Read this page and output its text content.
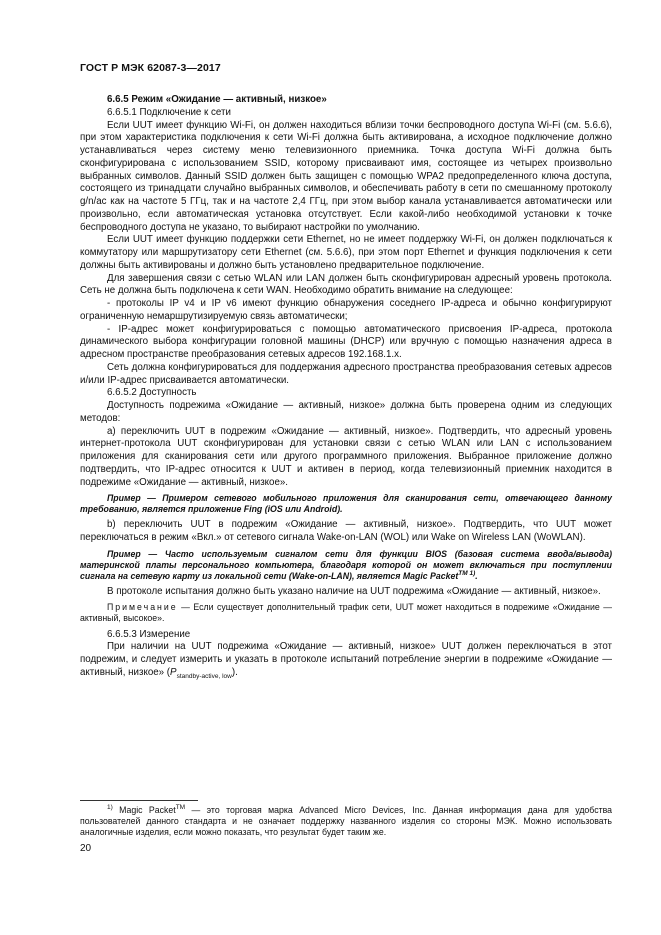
ГОСТ Р МЭК 62087-3—2017

6.6.5 Режим «Ожидание — активный, низкое»

6.6.5.1 Подключение к сети

Если UUT имеет функцию Wi-Fi, он должен находиться вблизи точки беспроводного доступа Wi-Fi (см. 5.6.6), при этом характеристика подключения к сети Wi-Fi должна быть активирована, а исходное подключение должно устанавливаться через систему меню телевизионного приемника. Точка доступа Wi-Fi должна быть сконфигурирована с использованием SSID, которому присваивают имя, состоящее из четырех произвольно выбранных символов. Данный SSID должен быть защищен с помощью WPA2 предопределенного ключа доступа, состоящего из тринадцати случайно выбранных символов, и обеспечивать работу в сети по смешанному протоколу g/n/ac как на частоте 5 ГГц, так и на частоте 2,4 ГГц, при этом выбор канала устанавливается автоматически или произвольно, если автоматическая установка отсутствует. Если какой-либо необходимой установки к точке беспроводного доступа не указано, то выбирают настройки по умолчанию.

Если UUT имеет функцию поддержки сети Ethernet, но не имеет поддержку Wi-Fi, он должен подключаться к коммутатору или маршрутизатору сети Ethernet (см. 5.6.6), при этом порт Ethernet и функция подключения к сети должны быть активированы и должно быть установлено предварительное подключение.

Для завершения связи с сетью WLAN или LAN должен быть сконфигурирован адресный уровень протокола. Сеть не должна быть подключена к сети WAN. Необходимо обратить внимание на следующее:

- протоколы IP v4 и IP v6 имеют функцию обнаружения соседнего IP-адреса и обычно конфигурируют ограниченную немаршрутизируемую связь автоматически;

- IP-адрес может конфигурироваться с помощью автоматического присвоения IP-адреса, протокола динамического выбора конфигурации головной машины (DHCP) или вручную с помощью назначения адреса в адресном пространстве преобразования сетевых адресов 192.168.1.x.

Сеть должна конфигурироваться для поддержания адресного пространства преобразования сетевых адресов и/или IP-адрес присваивается автоматически.

6.6.5.2 Доступность

Доступность подрежима «Ожидание — активный, низкое» должна быть проверена одним из следующих методов:

а) переключить UUT в подрежим «Ожидание — активный, низкое». Подтвердить, что адресный уровень интернет-протокола UUT сконфигурирован для установки связи с сетью WLAN или LAN с использованием приложения для сканирования сети или другого программного приложения. Выбранное приложение должно подтвердить, что IP-адрес относится к UUT и активен в период, когда телевизионный приемник находится в подрежиме «Ожидание — активный, низкое».

Пример — Примером сетевого мобильного приложения для сканирования сети, отвечающего данному требованию, является приложение Fing (iOS или Android).

b) переключить UUT в подрежим «Ожидание — активный, низкое». Подтвердить, что UUT может переключаться в режим «Вкл.» от сетевого сигнала Wake-on-LAN (WOL) или Wake on Wireless LAN (WoWLAN).

Пример — Часто используемым сигналом сети для функции BIOS (базовая система ввода/вывода) материнской платы персонального компьютера, благодаря которой он может включаться при поступлении сигнала на сетевую карту из локальной сети (Wake-on-LAN), является Magic Packet$^{TM 1)}$.

В протоколе испытания должно быть указано наличие на UUT подрежима «Ожидание — активный, низкое».

Примечание — Если существует дополнительный трафик сети, UUT может находиться в подрежиме «Ожидание — активный, высокое».

6.6.5.3 Измерение

При наличии на UUT подрежима «Ожидание — активный, низкое» UUT должен переключаться в этот подрежим, и следует измерить и указать в протоколе испытаний потребление энергии в подрежиме «Ожидание — активный, низкое» $(P_{standby-active, low})$.

$^{1)}$ Magic Packet™ — это торговая марка Advanced Micro Devices, Inc. Данная информация дана для удобства пользователей данного стандарта и не означает поддержку названного изделия со стороны МЭК. Можно использовать аналогичные изделия, если можно показать, что результат будет таким же.
20
